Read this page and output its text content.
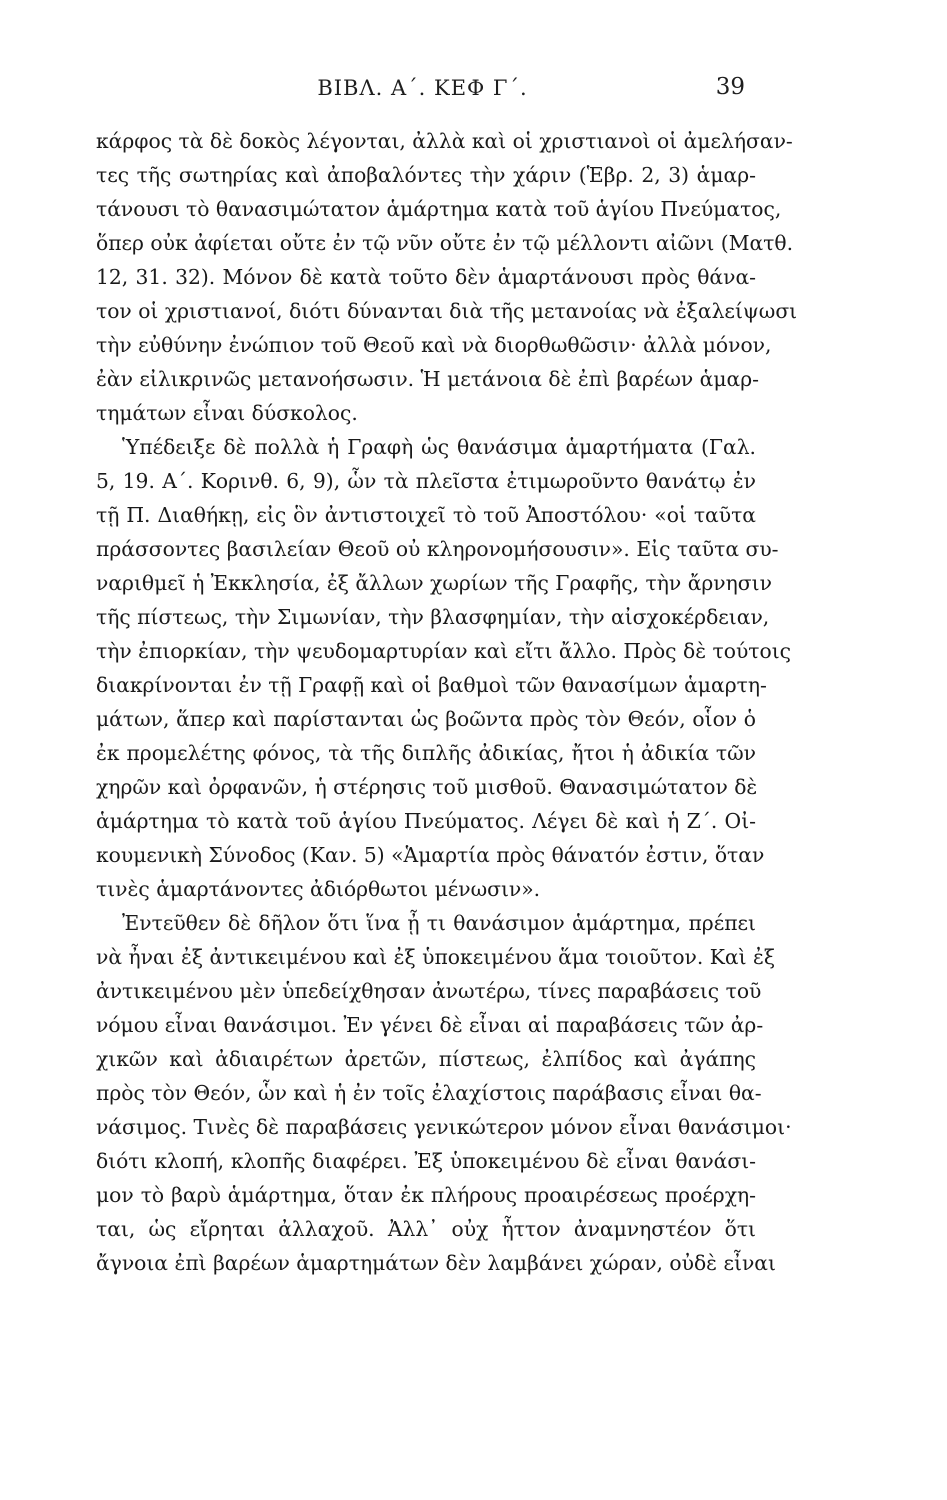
ΒΙΒΛ. Α΄. ΚΕΦ Γ΄.	39
κάρφος τὰ δὲ δοκὸς λέγονται, ἀλλὰ καὶ οἱ χριστιανοὶ οἱ ἀμελήσαν-
τες τῆς σωτηρίας καὶ ἀποβαλόντες τὴν χάριν (Ἑβρ. 2, 3) ἁμαρ-
τάνουσι τὸ θανασιμώτατον ἁμάρτημα κατὰ τοῦ ἁγίου Πνεύματος,
ὅπερ οὐκ ἀφίεται οὔτε ἐν τῷ νῦν οὔτε ἐν τῷ μέλλοντι αἰῶνι (Ματθ.
12, 31. 32). Μόνον δὲ κατὰ τοῦτο δὲν ἁμαρτάνουσι πρὸς θάνα-
τον οἱ χριστιανοί, διότι δύνανται διὰ τῆς μετανοίας νὰ ἐξαλείψωσι
τὴν εὐθύνην ἐνώπιον τοῦ Θεοῦ καὶ νὰ διορθωθῶσιν· ἀλλὰ μόνον,
ἐὰν εἰλικρινῶς μετανοήσωσιν. Ἡ μετάνοια δὲ ἐπὶ βαρέων ἁμαρ-
τημάτων εἶναι δύσκολος.
Ὑπέδειξε δὲ πολλὰ ἡ Γραφὴ ὡς θανάσιμα ἁμαρτήματα (Γαλ.
5, 19. Α΄. Κορινθ. 6, 9), ὧν τὰ πλεῖστα ἐτιμωροῦντο θανάτῳ ἐν
τῇ Π. Διαθήκῃ, εἰς ὃν ἀντιστοιχεῖ τὸ τοῦ Ἀποστόλου· «οἱ ταῦτα
πράσσοντες βασιλείαν Θεοῦ οὐ κληρονομήσουσιν». Εἰς ταῦτα συ-
ναριθμεῖ ἡ Ἐκκλησία, ἐξ ἄλλων χωρίων τῆς Γραφῆς, τὴν ἄρνησιν
τῆς πίστεως, τὴν Σιμωνίαν, τὴν βλασφημίαν, τὴν αἰσχοκέρδειαν,
τὴν ἐπιορκίαν, τὴν ψευδομαρτυρίαν καὶ εἴτι ἄλλο. Πρὸς δὲ τούτοις
διακρίνονται ἐν τῇ Γραφῇ καὶ οἱ βαθμοὶ τῶν θανασίμων ἁμαρτη-
μάτων, ἅπερ καὶ παρίστανται ὡς βοῶντα πρὸς τὸν Θεόν, οἷον ὁ
ἐκ προμελέτης φόνος, τὰ τῆς διπλῆς ἀδικίας, ἤτοι ἡ ἀδικία τῶν
χηρῶν καὶ ὀρφανῶν, ἡ στέρησις τοῦ μισθοῦ. Θανασιμώτατον δὲ
ἁμάρτημα τὸ κατὰ τοῦ ἁγίου Πνεύματος. Λέγει δὲ καὶ ἡ Ζ΄. Οἰ-
κουμενικὴ Σύνοδος (Καν. 5) «Ἁμαρτία πρὸς θάνατόν ἐστιν, ὅταν
τινὲς ἁμαρτάνοντες ἀδιόρθωτοι μένωσιν».
Ἐντεῦθεν δὲ δῆλον ὅτι ἵνα ᾖ τι θανάσιμον ἁμάρτημα, πρέπει
νὰ ἦναι ἐξ ἀντικειμένου καὶ ἐξ ὑποκειμένου ἅμα τοιοῦτον. Καὶ ἐξ
ἀντικειμένου μὲν ὑπεδείχθησαν ἀνωτέρω, τίνες παραβάσεις τοῦ
νόμου εἶναι θανάσιμοι. Ἐν γένει δὲ εἶναι αἱ παραβάσεις τῶν ἀρ-
χικῶν καὶ ἀδιαιρέτων ἀρετῶν, πίστεως, ἐλπίδος καὶ ἀγάπης
πρὸς τὸν Θεόν, ὧν καὶ ἡ ἐν τοῖς ἐλαχίστοις παράβασις εἶναι θα-
νάσιμος. Τινὲς δὲ παραβάσεις γενικώτερον μόνον εἶναι θανάσιμοι·
διότι κλοπή, κλοπῆς διαφέρει. Ἐξ ὑποκειμένου δὲ εἶναι θανάσι-
μον τὸ βαρὺ ἁμάρτημα, ὅταν ἐκ πλήρους προαιρέσεως προέρχη-
ται, ὡς εἴρηται ἀλλαχοῦ. Ἀλλ᾽ οὐχ ἧττον ἀναμνηστέον ὅτι
ἄγνοια ἐπὶ βαρέων ἁμαρτημάτων δὲν λαμβάνει χώραν, οὐδὲ εἶναι
